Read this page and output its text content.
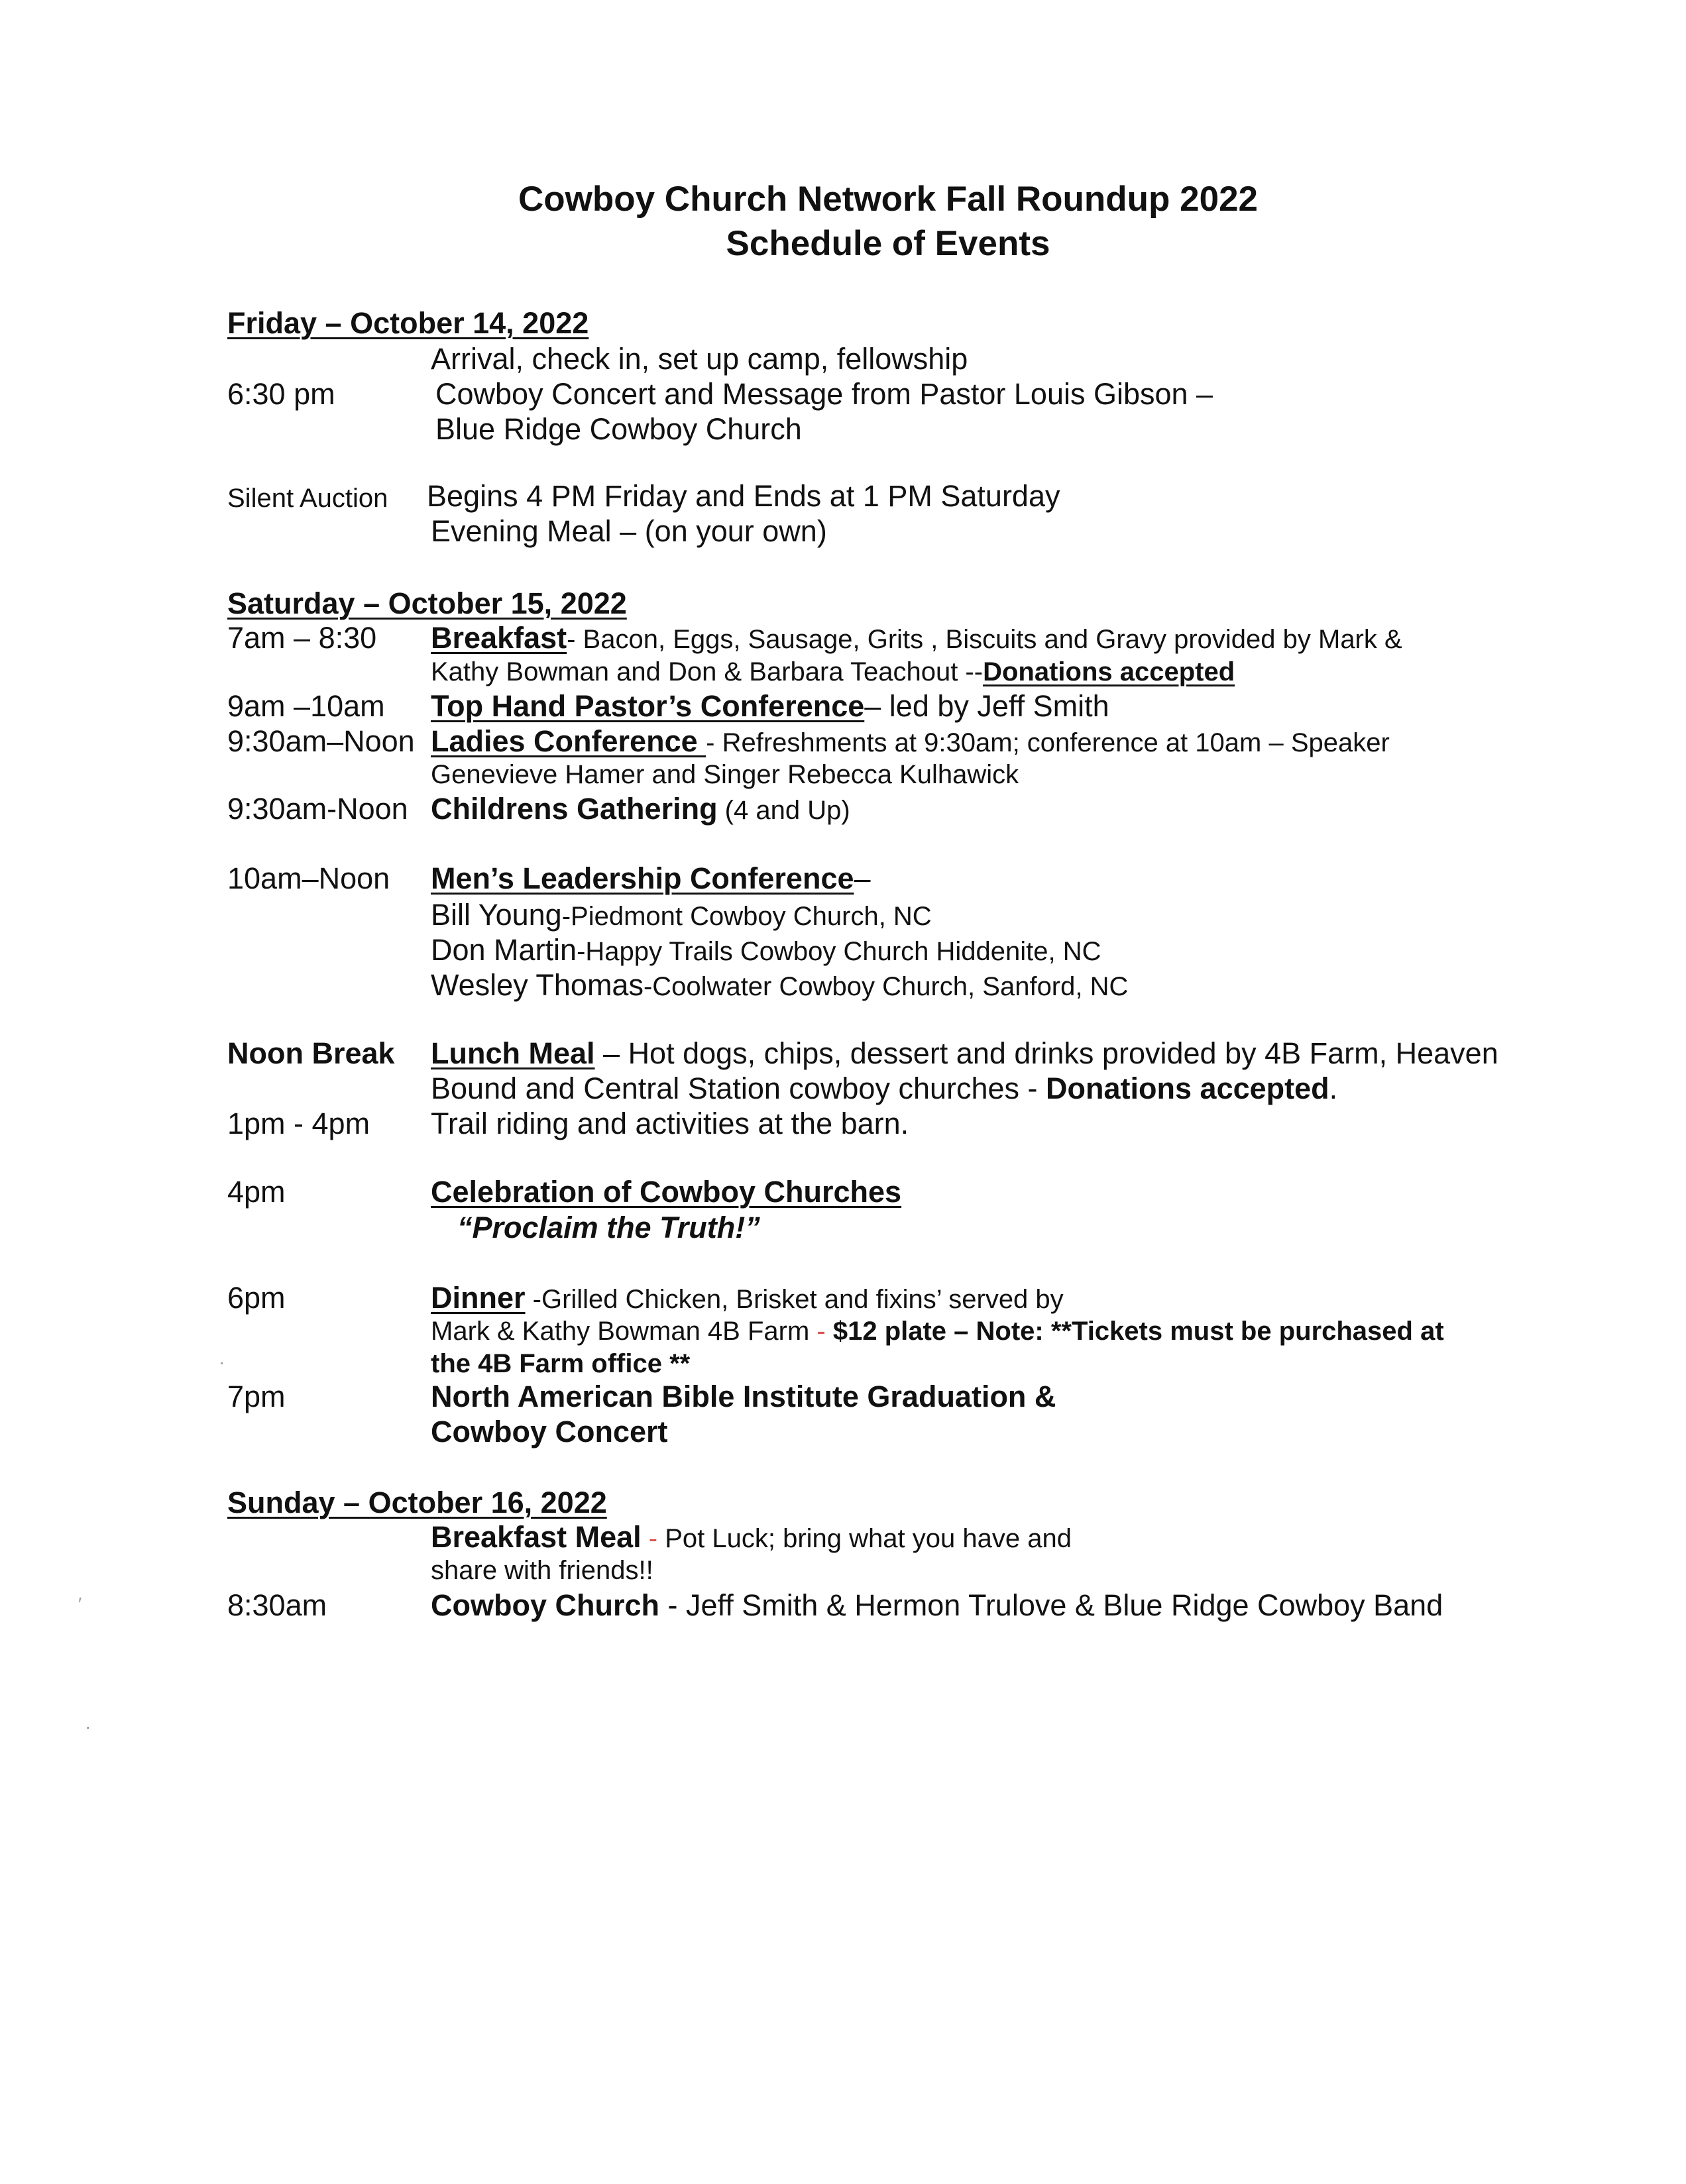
Cowboy Church Network Fall Roundup 2022
Schedule of Events
Friday – October 14, 2022
Arrival, check in, set up camp, fellowship
6:30 pm	Cowboy Concert and Message from Pastor Louis Gibson –
Blue Ridge Cowboy Church
Silent Auction Begins 4 PM Friday and Ends at 1 PM Saturday
Evening Meal – (on your own)
Saturday – October 15, 2022
7am – 8:30 Breakfast- Bacon, Eggs, Sausage, Grits , Biscuits and Gravy provided by Mark &
Kathy Bowman and Don & Barbara Teachout --Donations accepted
9am –10am Top Hand Pastor’s Conference– led by Jeff Smith
9:30am–Noon Ladies Conference - Refreshments at 9:30am; conference at 10am – Speaker
Genevieve Hamer and Singer Rebecca Kulhawick
9:30am-Noon Childrens Gathering (4 and Up)
10am–Noon Men’s Leadership Conference–
Bill Young-Piedmont Cowboy Church, NC
Don Martin-Happy Trails Cowboy Church Hiddenite, NC
Wesley Thomas-Coolwater Cowboy Church, Sanford, NC
Noon Break Lunch Meal – Hot dogs, chips, dessert and drinks provided by 4B Farm, Heaven
Bound and Central Station cowboy churches - Donations accepted.
1pm - 4pm Trail riding and activities at the barn.
4pm	Celebration of Cowboy Churches
“Proclaim the Truth!”
6pm	Dinner -Grilled Chicken, Brisket and fixins’ served by
Mark & Kathy Bowman 4B Farm - $12 plate – Note: **Tickets must be purchased at
the 4B Farm office **
7pm	North American Bible Institute Graduation &
Cowboy Concert
Sunday – October 16, 2022
Breakfast Meal - Pot Luck; bring what you have and
share with friends!!
8:30am	Cowboy Church - Jeff Smith & Hermon Trulove & Blue Ridge Cowboy Band
·
′
·
